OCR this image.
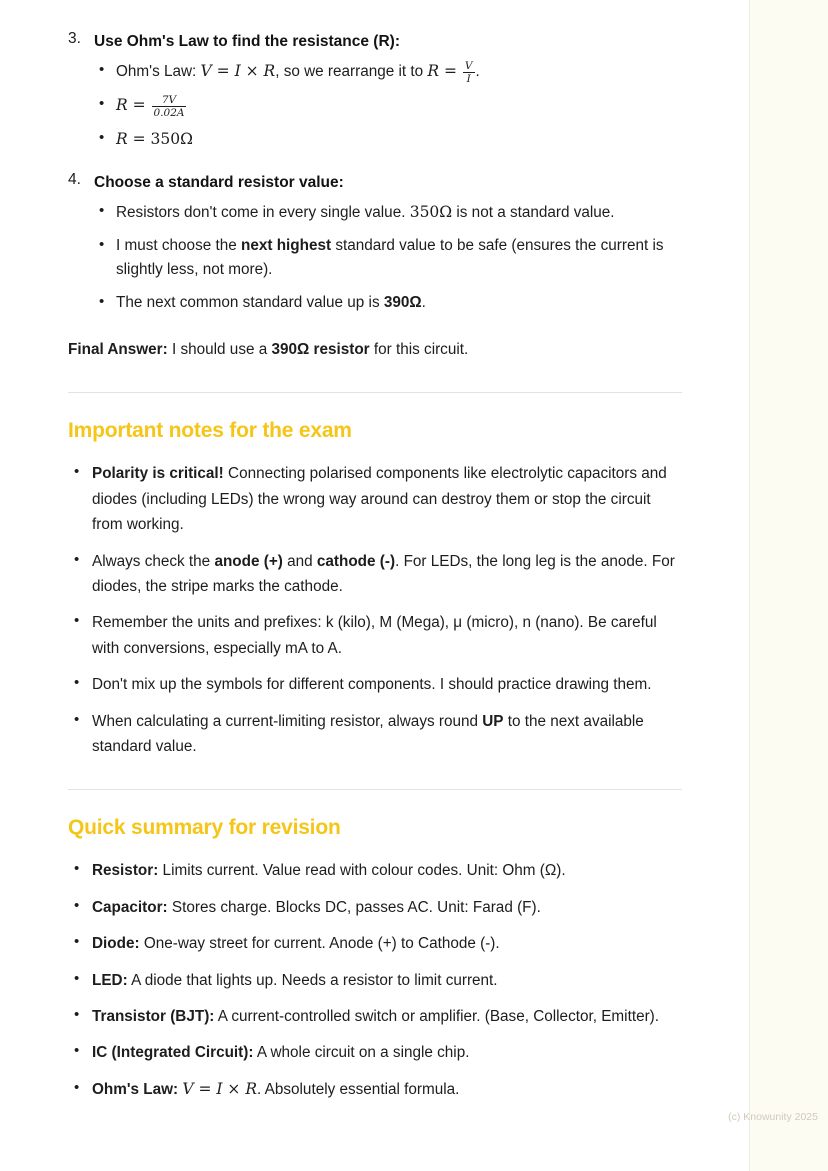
3. Use Ohm's Law to find the resistance (R):
• Ohm's Law: V = I × R, so we rearrange it to $R = \frac{V}{I}$ .
• $R = \frac{7V}{0.02A}$
• R = 350Ω
4. Choose a standard resistor value:
• Resistors don't come in every single value. 350Ω is not a standard value.
• I must choose the next highest standard value to be safe (ensures the current is slightly less, not more).
• The next common standard value up is 390Ω.

Final Answer: I should use a 390Ω resistor for this circuit.

Important notes for the exam
• Polarity is critical! Connecting polarised components like electrolytic capacitors and diodes (including LEDs) the wrong way around can destroy them or stop the circuit from working.
• Always check the anode (+) and cathode (-). For LEDs, the long leg is the anode. For diodes, the stripe marks the cathode.
• Remember the units and prefixes: k (kilo), M (Mega), μ (micro), n (nano). Be careful with conversions, especially mA to A.
• Don't mix up the symbols for different components. I should practice drawing them.
• When calculating a current-limiting resistor, always round UP to the next available standard value.
Quick summary for revision
• Resistor: Limits current. Value read with colour codes. Unit: Ohm (Ω).
• Capacitor: Stores charge. Blocks DC, passes AC. Unit: Farad (F).
• Diode: One-way street for current. Anode (+) to Cathode (-).
• LED: A diode that lights up. Needs a resistor to limit current.
• Transistor (BJT): A current-controlled switch or amplifier. (Base, Collector, Emitter).
• IC (Integrated Circuit): A whole circuit on a single chip.
• Ohm's Law: V = I × R. Absolutely essential formula.
(c) Knowunity 2025
